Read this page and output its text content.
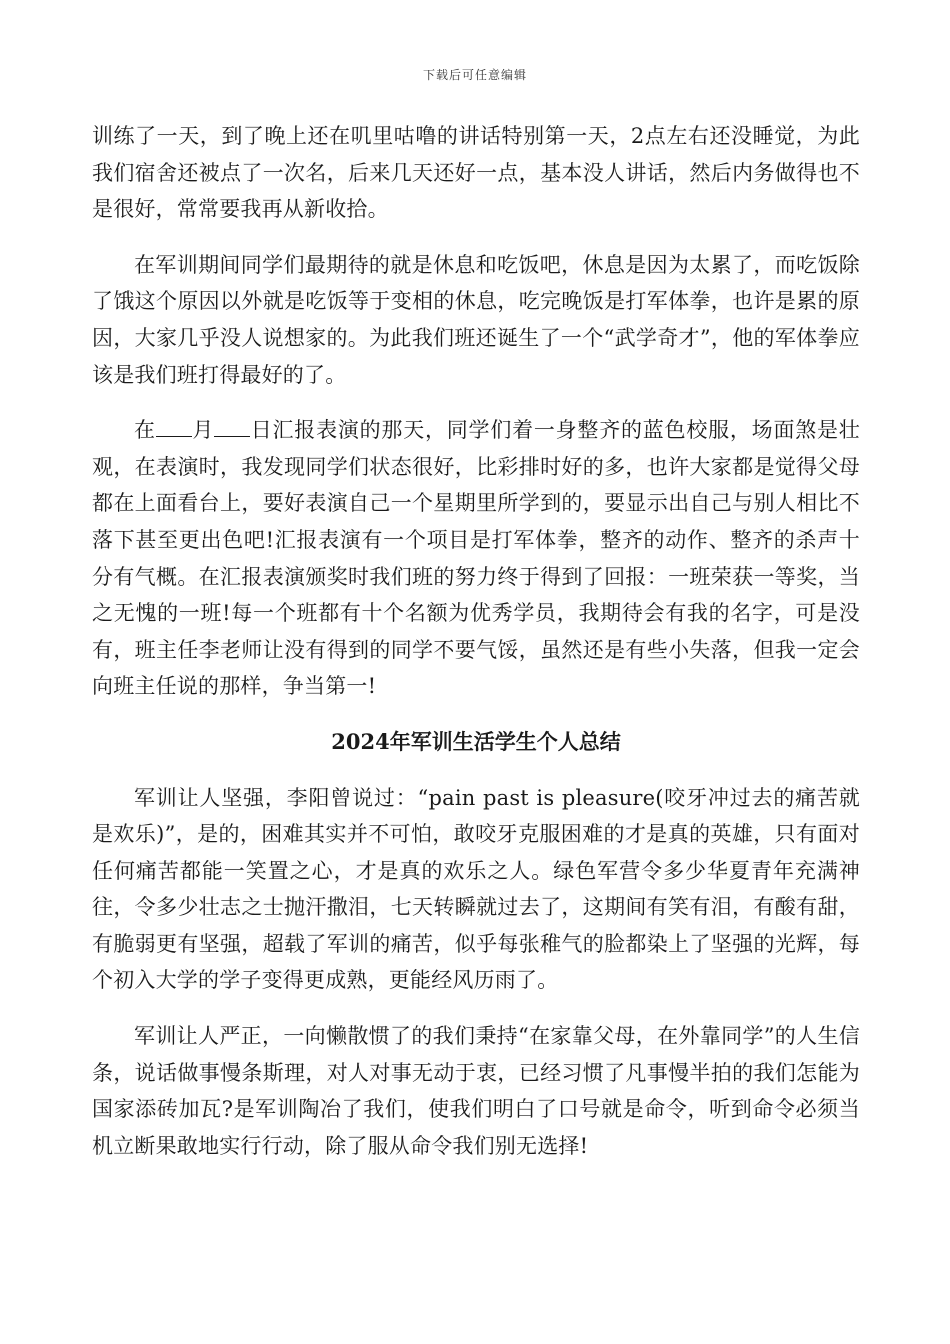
下载后可任意编辑

训练了一天，到了晚上还在叽里咕噜的讲话特别第一天，2点左右还没睡觉，为此我们宿舍还被点了一次名，后来几天还好一点，基本没人讲话，然后内务做得也不是很好，常常要我再从新收拾。

在军训期间同学们最期待的就是休息和吃饭吧，休息是因为太累了，而吃饭除了饿这个原因以外就是吃饭等于变相的休息，吃完晚饭是打军体拳，也许是累的原因，大家几乎没人说想家的。为此我们班还诞生了一个“武学奇才”，他的军体拳应该是我们班打得最好的了。

在 月 日汇报表演的那天，同学们着一身整齐的蓝色校服，场面煞是壮观，在表演时，我发现同学们状态很好，比彩排时好的多，也许大家都是觉得父母都在上面看台上，要好表演自己一个星期里所学到的，要显示出自己与别人相比不落下甚至更出色吧!汇报表演有一个项目是打军体拳，整齐的动作、整齐的杀声十分有气概。在汇报表演颁奖时我们班的努力终于得到了回报：一班荣获一等奖，当之无愧的一班!每一个班都有十个名额为优秀学员，我期待会有我的名字，可是没有，班主任李老师让没有得到的同学不要气馁，虽然还是有些小失落，但我一定会向班主任说的那样，争当第一!

2024年军训生活学生个人总结

军训让人坚强，李阳曾说过：“pain past is pleasure(咬牙冲过去的痛苦就是欢乐)”，是的，困难其实并不可怕，敢咬牙克服困难的才是真的英雄，只有面对任何痛苦都能一笑置之心，才是真的欢乐之人。绿色军营令多少华夏青年充满神往，令多少壮志之士抛汗撒泪，七天转瞬就过去了，这期间有笑有泪，有酸有甜，有脆弱更有坚强，超载了军训的痛苦，似乎每张稚气的脸都染上了坚强的光辉，每个初入大学的学子变得更成熟，更能经风历雨了。

军训让人严正，一向懒散惯了的我们秉持“在家靠父母，在外靠同学”的人生信条，说话做事慢条斯理，对人对事无动于衷，已经习惯了凡事慢半拍的我们怎能为国家添砖加瓦?是军训陶冶了我们，使我们明白了口号就是命令，听到命令必须当机立断果敢地实行行动，除了服从命令我们别无选择!
